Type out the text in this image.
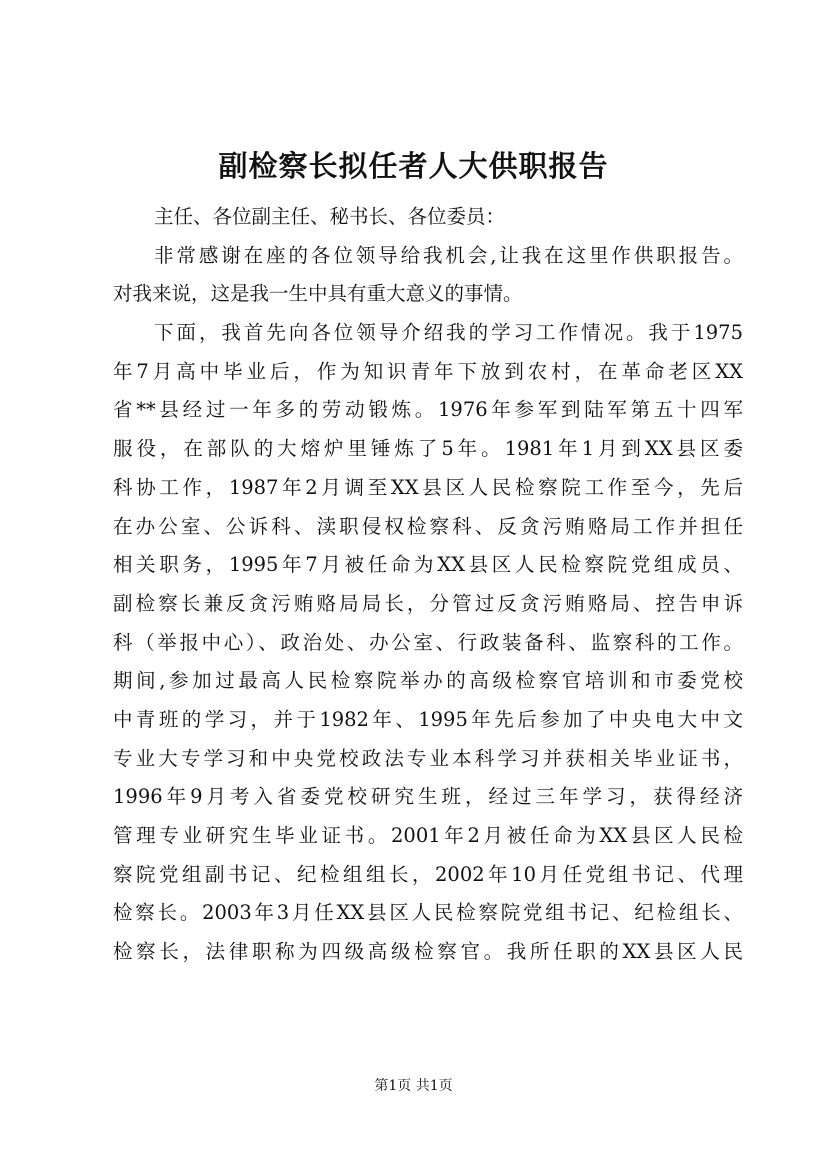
副检察长拟任者人大供职报告
主任、各位副主任、秘书长、各位委员：
非常感谢在座的各位领导给我机会,让我在这里作供职报告。
对我来说，这是我一生中具有重大意义的事情。
下面，我首先向各位领导介绍我的学习工作情况。我于1975
年7月高中毕业后，作为知识青年下放到农村，在革命老区XX
省**县经过一年多的劳动锻炼。1976年参军到陆军第五十四军
服役，在部队的大熔炉里锤炼了5年。1981年1月到XX县区委
科协工作，1987年2月调至XX县区人民检察院工作至今，先后
在办公室、公诉科、渎职侵权检察科、反贪污贿赂局工作并担任
相关职务，1995年7月被任命为XX县区人民检察院党组成员、
副检察长兼反贪污贿赂局局长，分管过反贪污贿赂局、控告申诉
科（举报中心）、政治处、办公室、行政装备科、监察科的工作。
期间,参加过最高人民检察院举办的高级检察官培训和市委党校
中青班的学习，并于1982年、1995年先后参加了中央电大中文
专业大专学习和中央党校政法专业本科学习并获相关毕业证书，
1996年9月考入省委党校研究生班，经过三年学习，获得经济
管理专业研究生毕业证书。2001年2月被任命为XX县区人民检
察院党组副书记、纪检组组长，2002年10月任党组书记、代理
检察长。2003年3月任XX县区人民检察院党组书记、纪检组长、
检察长，法律职称为四级高级检察官。我所任职的XX县区人民
第1页 共1页
